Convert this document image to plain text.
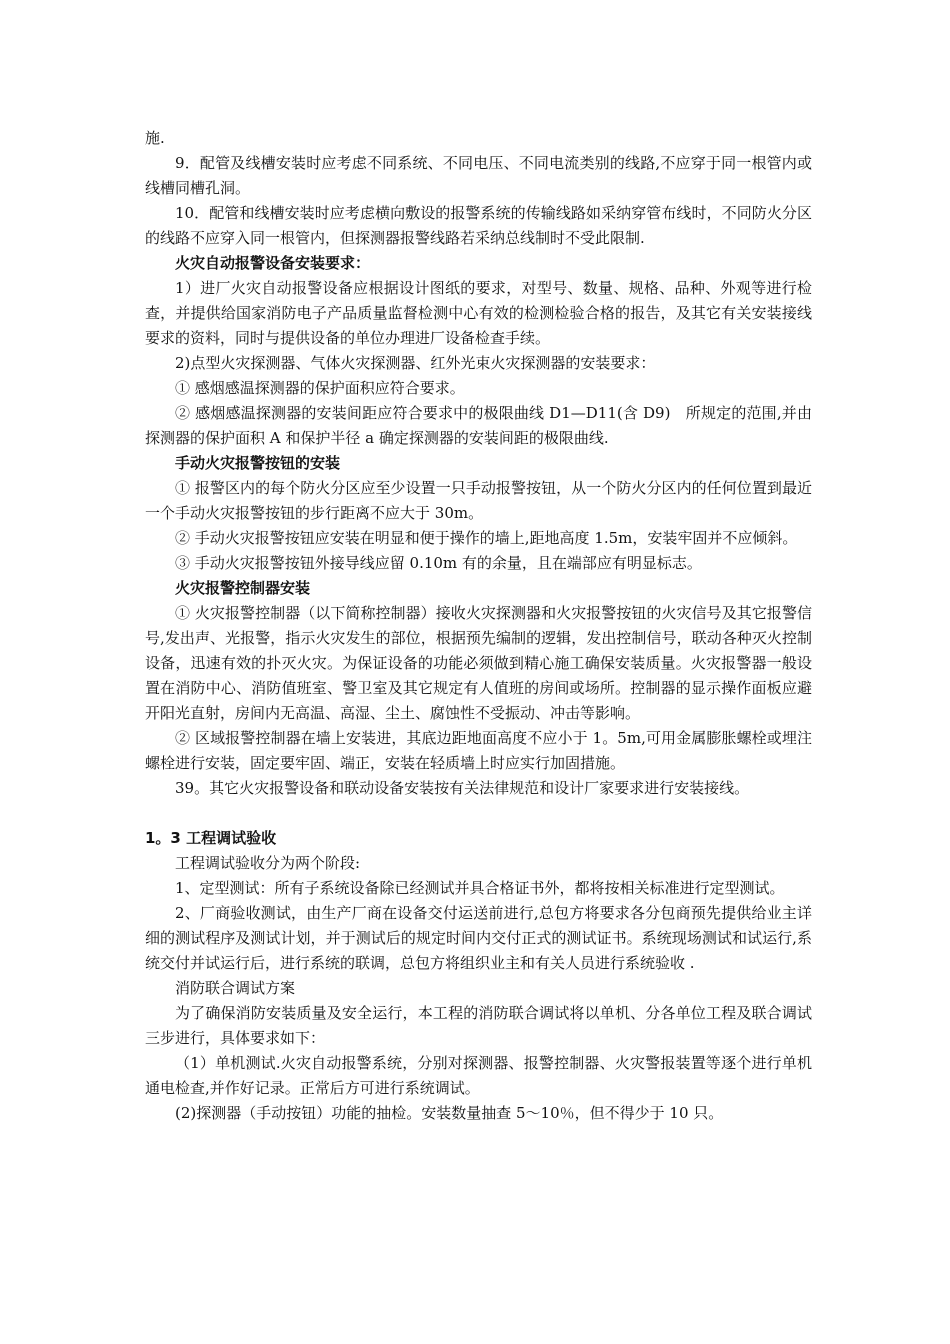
施.

9．配管及线槽安装时应考虑不同系统、不同电压、不同电流类别的线路,不应穿于同一根管内或线槽同槽孔洞。

10．配管和线槽安装时应考虑横向敷设的报警系统的传输线路如采纳穿管布线时，不同防火分区的线路不应穿入同一根管内，但探测器报警线路若采纳总线制时不受此限制.

火灾自动报警设备安装要求：

1）进厂火灾自动报警设备应根据设计图纸的要求，对型号、数量、规格、品种、外观等进行检查，并提供给国家消防电子产品质量监督检测中心有效的检测检验合格的报告，及其它有关安装接线要求的资料，同时与提供设备的单位办理进厂设备检查手续。

2)点型火灾探测器、气体火灾探测器、红外光束火灾探测器的安装要求：

① 感烟感温探测器的保护面积应符合要求。

② 感烟感温探测器的安装间距应符合要求中的极限曲线 D1—D11(含 D9)　所规定的范围,并由探测器的保护面积 A 和保护半径 a 确定探测器的安装间距的极限曲线.

手动火灾报警按钮的安装

① 报警区内的每个防火分区应至少设置一只手动报警按钮，从一个防火分区内的任何位置到最近一个手动火灾报警按钮的步行距离不应大于 30m。

② 手动火灾报警按钮应安装在明显和便于操作的墙上,距地高度 1.5m，安装牢固并不应倾斜。

③ 手动火灾报警按钮外接导线应留 0.10m 有的余量，且在端部应有明显标志。

火灾报警控制器安装

① 火灾报警控制器（以下简称控制器）接收火灾探测器和火灾报警按钮的火灾信号及其它报警信号,发出声、光报警，指示火灾发生的部位，根据预先编制的逻辑，发出控制信号，联动各种灭火控制设备，迅速有效的扑灭火灾。为保证设备的功能必须做到精心施工确保安装质量。火灾报警器一般设置在消防中心、消防值班室、警卫室及其它规定有人值班的房间或场所。控制器的显示操作面板应避开阳光直射，房间内无高温、高湿、尘土、腐蚀性不受振动、冲击等影响。

② 区域报警控制器在墙上安装进，其底边距地面高度不应小于 1。5m,可用金属膨胀螺栓或埋注螺栓进行安装，固定要牢固、端正，安装在轻质墙上时应实行加固措施。

39。其它火灾报警设备和联动设备安装按有关法律规范和设计厂家要求进行安装接线。

1。3 工程调试验收

工程调试验收分为两个阶段:

1、定型测试：所有子系统设备除已经测试并具合格证书外，都将按相关标准进行定型测试。

2、厂商验收测试，由生产厂商在设备交付运送前进行,总包方将要求各分包商预先提供给业主详细的测试程序及测试计划，并于测试后的规定时间内交付正式的测试证书。系统现场测试和试运行,系统交付并试运行后，进行系统的联调，总包方将组织业主和有关人员进行系统验收 .

消防联合调试方案

为了确保消防安装质量及安全运行，本工程的消防联合调试将以单机、分各单位工程及联合调试三步进行，具体要求如下：

（1）单机测试.火灾自动报警系统，分别对探测器、报警控制器、火灾警报装置等逐个进行单机通电检查,并作好记录。正常后方可进行系统调试。

(2)探测器（手动按钮）功能的抽检。安装数量抽查 5～10％，但不得少于 10 只。
